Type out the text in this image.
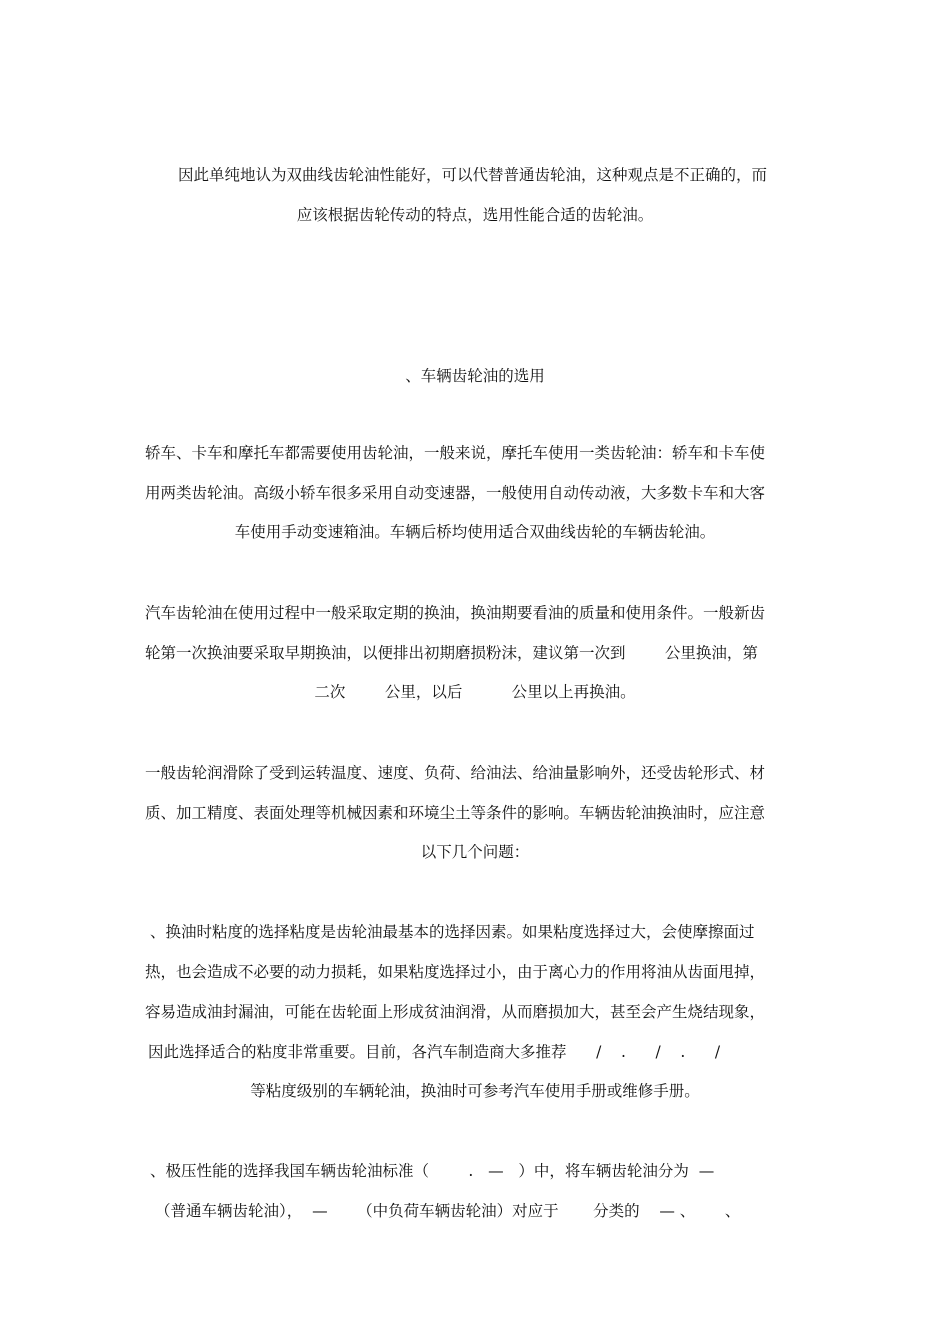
因此单纯地认为双曲线齿轮油性能好，可以代替普通齿轮油，这种观点是不正确的，而
应该根据齿轮传动的特点，选用性能合适的齿轮油。
、车辆齿轮油的选用
轿车、卡车和摩托车都需要使用齿轮油，一般来说，摩托车使用一类齿轮油：轿车和卡车使
用两类齿轮油。高级小轿车很多采用自动变速器，一般使用自动传动液，大多数卡车和大客
车使用手动变速箱油。车辆后桥均使用适合双曲线齿轮的车辆齿轮油。
汽车齿轮油在使用过程中一般采取定期的换油，换油期要看油的质量和使用条件。一般新齿
轮第一次换油要采取早期换油，以便排出初期磨损粉沫，建议第一次到        公里换油，第
二次        公里，以后          公里以上再换油。
一般齿轮润滑除了受到运转温度、速度、负荷、给油法、给油量影响外，还受齿轮形式、材
质、加工精度、表面处理等机械因素和环境尘土等条件的影响。车辆齿轮油换油时，应注意
以下几个问题：
、换油时粘度的选择粘度是齿轮油最基本的选择因素。如果粘度选择过大，会使摩擦面过
热，也会造成不必要的动力损耗，如果粘度选择过小，由于离心力的作用将油从齿面甩掉，
容易造成油封漏油，可能在齿轮面上形成贫油润滑，从而磨损加大，甚至会产生烧结现象，
因此选择适合的粘度非常重要。目前，各汽车制造商大多推荐      /    .      /    .      /
等粘度级别的车辆轮油，换油时可参考汽车使用手册或维修手册。
、极压性能的选择我国车辆齿轮油标准（        .   —   ）中，将车辆齿轮油分为  —
（普通车辆齿轮油），  —      （中负荷车辆齿轮油）对应于       分类的    — 、      、
